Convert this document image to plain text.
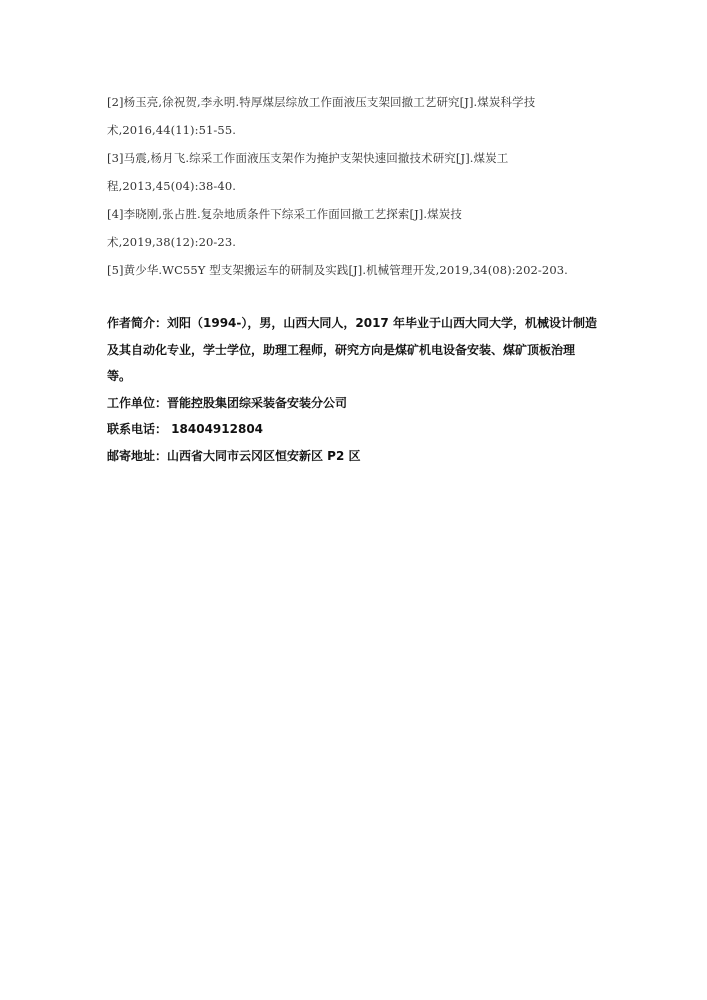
[2]杨玉亮,徐祝贺,李永明.特厚煤层综放工作面液压支架回撤工艺研究[J].煤炭科学技
术,2016,44(11):51-55.
[3]马震,杨月飞.综采工作面液压支架作为掩护支架快速回撤技术研究[J].煤炭工
程,2013,45(04):38-40.
[4]李晓刚,张占胜.复杂地质条件下综采工作面回撤工艺探索[J].煤炭技
术,2019,38(12):20-23.
[5]黄少华.WC55Y 型支架搬运车的研制及实践[J].机械管理开发,2019,34(08):202-203.
作者简介：刘阳（1994-），男，山西大同人，2017 年毕业于山西大同大学，机械设计制造
及其自动化专业，学士学位，助理工程师，研究方向是煤矿机电设备安装、煤矿顶板治理
等。
工作单位：晋能控股集团综采装备安装分公司
联系电话： 18404912804
邮寄地址：山西省大同市云冈区恒安新区 P2 区
